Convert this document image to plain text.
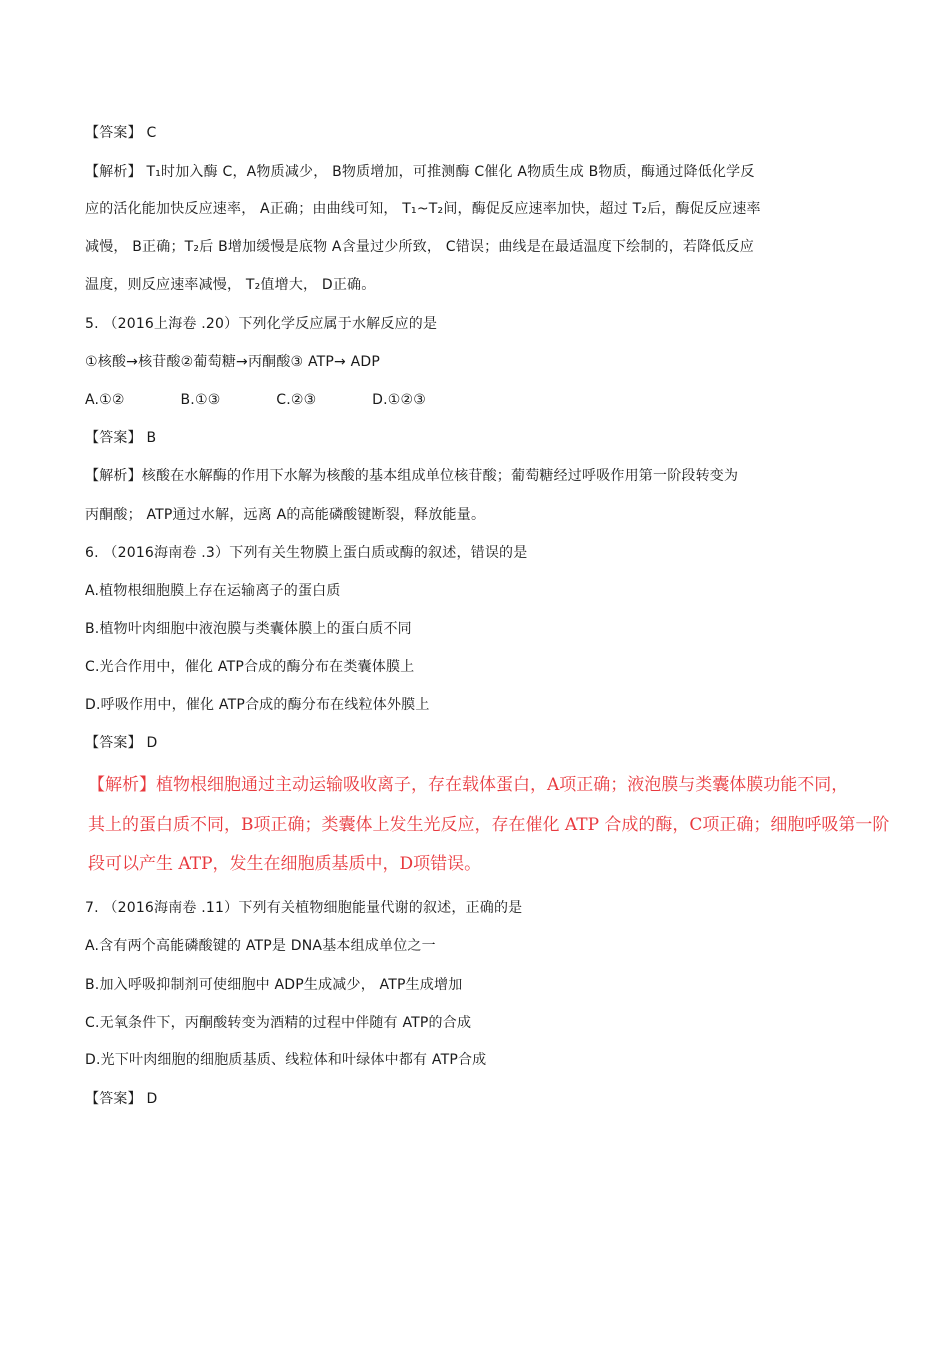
【答案】 C
【解析】 T₁时加入酶 C，A物质减少， B物质增加，可推测酶 C催化 A物质生成 B物质，酶通过降低化学反
应的活化能加快反应速率， A正确；由曲线可知， T₁~T₂间，酶促反应速率加快，超过 T₂后，酶促反应速率
减慢， B正确；T₂后 B增加缓慢是底物 A含量过少所致， C错误；曲线是在最适温度下绘制的，若降低反应
温度，则反应速率减慢， T₂值增大， D正确。
5. （2016上海卷 .20）下列化学反应属于水解反应的是
①核酸→核苷酸②葡萄糖→丙酮酸③ ATP→ ADP
A.①②            B.①③            C.②③            D.①②③
【答案】 B
【解析】核酸在水解酶的作用下水解为核酸的基本组成单位核苷酸；葡萄糖经过呼吸作用第一阶段转变为
丙酮酸； ATP通过水解，远离 A的高能磷酸键断裂，释放能量。
6. （2016海南卷 .3）下列有关生物膜上蛋白质或酶的叙述，错误的是
A.植物根细胞膜上存在运输离子的蛋白质
B.植物叶肉细胞中液泡膜与类囊体膜上的蛋白质不同
C.光合作用中，催化 ATP合成的酶分布在类囊体膜上
D.呼吸作用中，催化 ATP合成的酶分布在线粒体外膜上
【答案】 D
【解析】植物根细胞通过主动运输吸收离子，存在载体蛋白，A项正确；液泡膜与类囊体膜功能不同，
其上的蛋白质不同，B项正确；类囊体上发生光反应，存在催化 ATP 合成的酶，C项正确；细胞呼吸第一阶
段可以产生 ATP，发生在细胞质基质中，D项错误。
7. （2016海南卷 .11）下列有关植物细胞能量代谢的叙述，正确的是
A.含有两个高能磷酸键的 ATP是 DNA基本组成单位之一
B.加入呼吸抑制剂可使细胞中 ADP生成减少， ATP生成增加
C.无氧条件下，丙酮酸转变为酒精的过程中伴随有 ATP的合成
D.光下叶肉细胞的细胞质基质、线粒体和叶绿体中都有 ATP合成
【答案】 D
